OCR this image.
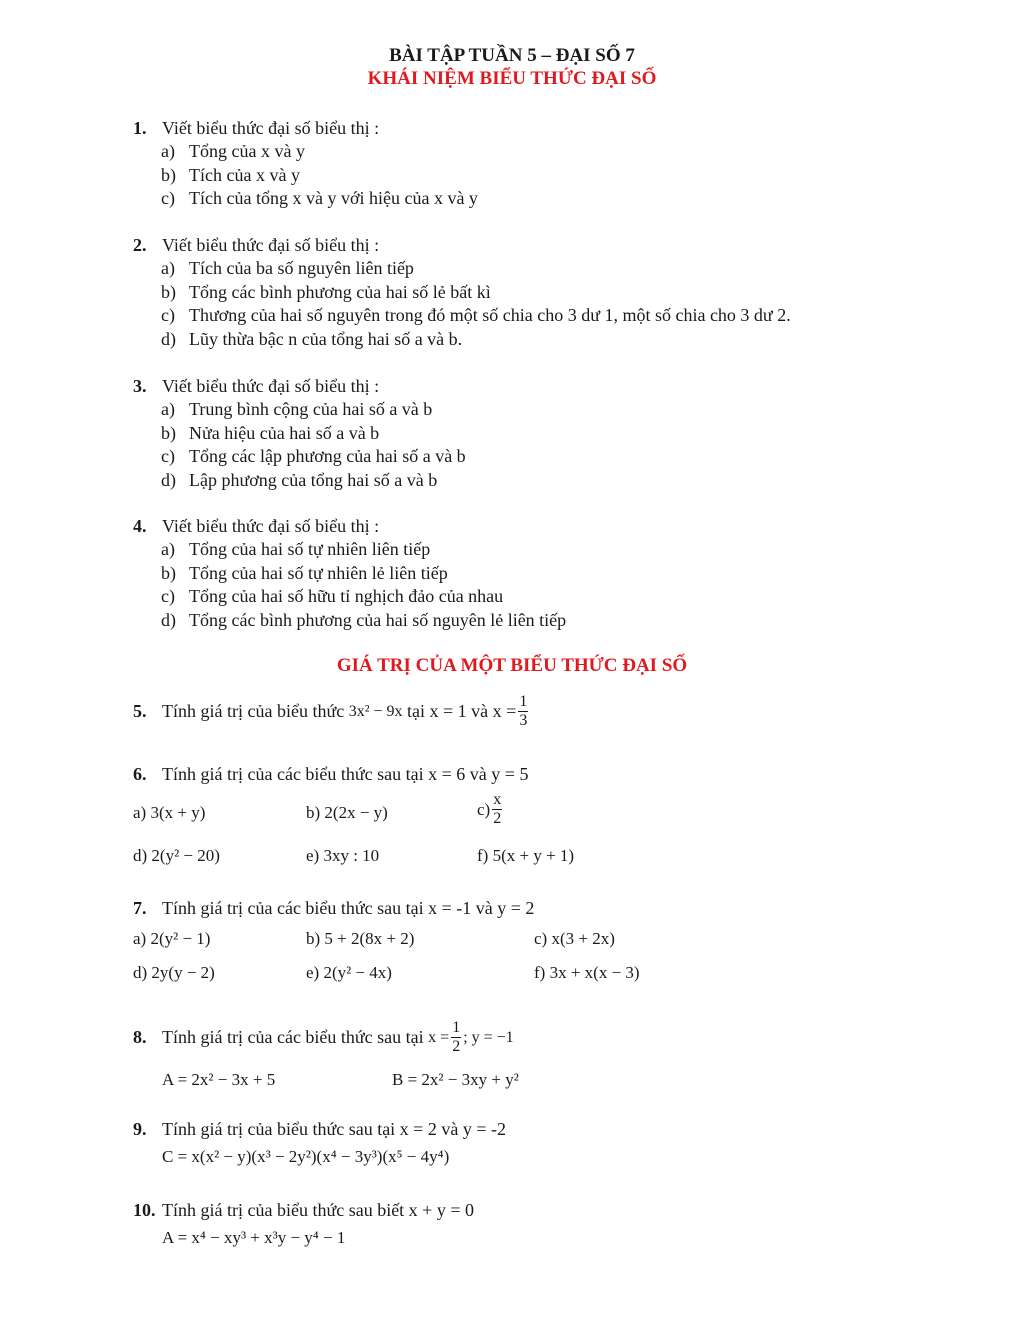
BÀI TẬP TUẦN 5 – ĐẠI SỐ 7
KHÁI NIỆM BIỂU THỨC ĐẠI SỐ
1. Viết biểu thức đại số biểu thị :
a) Tổng của x và y
b) Tích của x và y
c) Tích của tổng x và y với hiệu của x và y
2. Viết biểu thức đại số biểu thị :
a) Tích của ba số nguyên liên tiếp
b) Tổng các bình phương của hai số lẻ bất kì
c) Thương của hai số nguyên trong đó một số chia cho 3 dư 1, một số chia cho 3 dư 2.
d) Lũy thừa bậc n của tổng hai số a và b.
3. Viết biểu thức đại số biểu thị :
a) Trung bình cộng của hai số a và b
b) Nửa hiệu của hai số a và b
c) Tổng các lập phương của hai số a và b
d) Lập phương của tổng hai số a và b
4. Viết biểu thức đại số biểu thị :
a) Tổng của hai số tự nhiên liên tiếp
b) Tổng của hai số tự nhiên lẻ liên tiếp
c) Tổng của hai số hữu tỉ nghịch đảo của nhau
d) Tổng các bình phương của hai số nguyên lẻ liên tiếp
GIÁ TRỊ CỦA MỘT BIỂU THỨC ĐẠI SỐ
5. Tính giá trị của biểu thức
3x² − 9x
tại x = 1 và $x = \frac{1}{3}$
6. Tính giá trị của các biểu thức sau tại x = 6 và y = 5
a) 3(x + y)	b) 2(2x − y)	$c) \frac{x}{2}$
d) 2(y² − 20)	e) 3xy : 10	f) 5(x + y + 1)
7. Tính giá trị của các biểu thức sau tại x = -1 và y = 2
a) 2(y² − 1)	b) 5 + 2(8x + 2)	c) x(3 + 2x)
d) 2y(y − 2)	e) 2(y² − 4x)	f) 3x + x(x − 3)
8. Tính giá trị của các biểu thức sau tại
$x = \frac{1}{2}$ ; y = −1
A = 2x² − 3x + 5	B = 2x² − 3xy + y²
9. Tính giá trị của biểu thức sau tại x = 2 và y = -2
C = x(x² − y)(x³ − 2y²)(x⁴ − 3y³)(x⁵ − 4y⁴)
10. Tính giá trị của biểu thức sau biết x + y = 0
A = x⁴ − xy³ + x³y − y⁴ − 1
